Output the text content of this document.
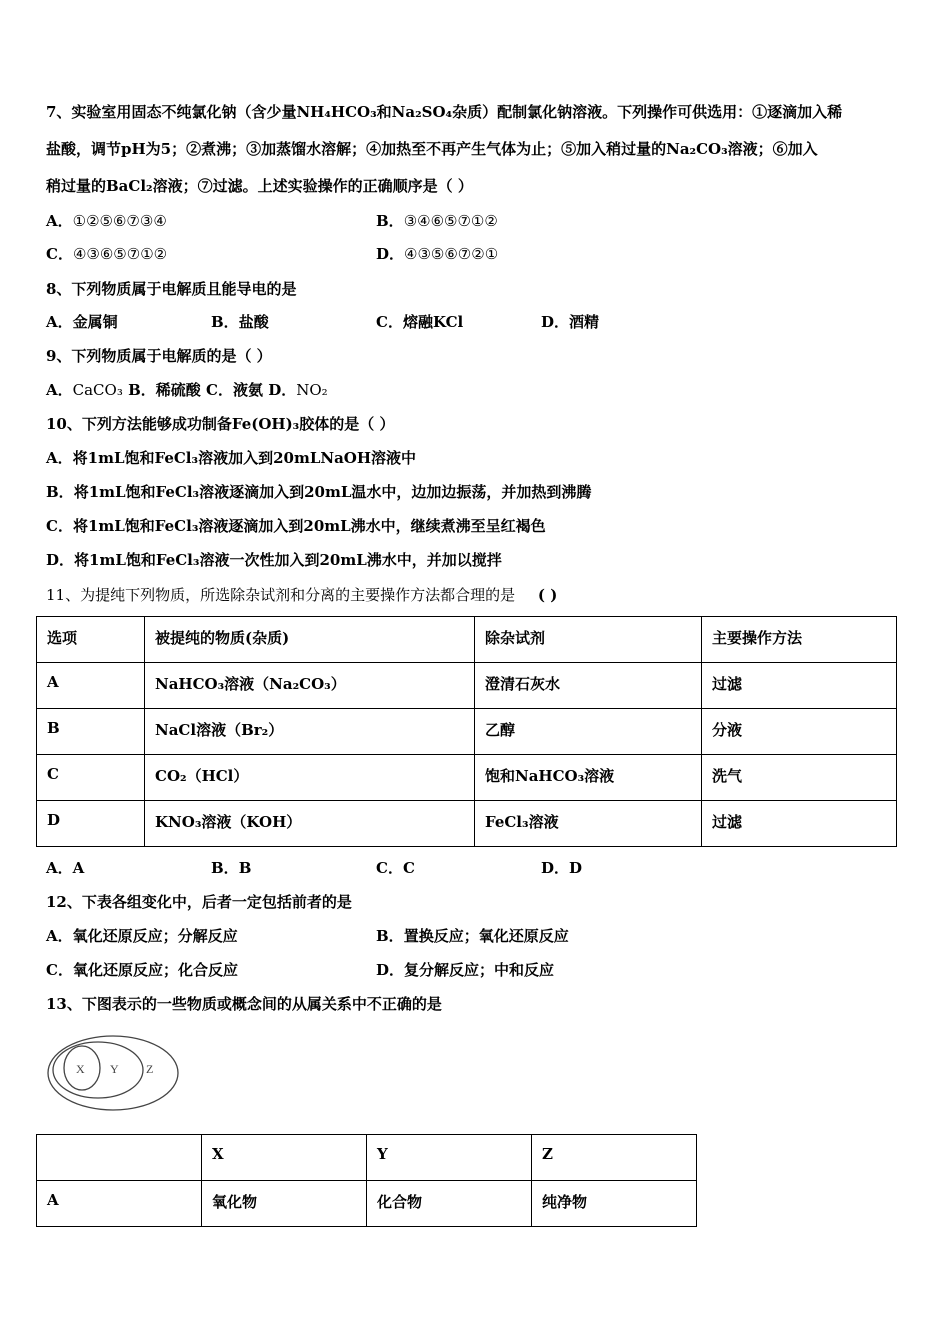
7、实验室用固态不纯氯化钠（含少量NH₄HCO₃和Na₂SO₄杂质）配制氯化钠溶液。下列操作可供选用：①逐滴加入稀
盐酸，调节pH为5；②煮沸；③加蒸馏水溶解；④加热至不再产生气体为止；⑤加入稍过量的Na₂CO₃溶液；⑥加入
稍过量的BaCl₂溶液；⑦过滤。上述实验操作的正确顺序是（ ）
A．①②⑤⑥⑦③④	B．③④⑥⑤⑦①②
C．④③⑥⑤⑦①②	D．④③⑤⑥⑦②①
8、下列物质属于电解质且能导电的是
A．金属铜	B．盐酸	C．熔融KCl	D．酒精
9、下列物质属于电解质的是（ ）
A．CaCO₃ B．稀硫酸 C．液氨 D．NO₂
10、下列方法能够成功制备Fe(OH)₃胶体的是（ ）
A．将1mL饱和FeCl₃溶液加入到20mLNaOH溶液中
B．将1mL饱和FeCl₃溶液逐滴加入到20mL温水中，边加边振荡，并加热到沸腾
C．将1mL饱和FeCl₃溶液逐滴加入到20mL沸水中，继续煮沸至呈红褐色
D．将1mL饱和FeCl₃溶液一次性加入到20mL沸水中，并加以搅拌
11、为提纯下列物质，所选除杂试剂和分离的主要操作方法都合理的是 ( )
选项	被提纯的物质(杂质)	除杂试剂	主要操作方法
A	NaHCO₃溶液（Na₂CO₃）	澄清石灰水	过滤
B	NaCl溶液（Br₂）	乙醇	分液
C	CO₂（HCl）	饱和NaHCO₃溶液	洗气
D	KNO₃溶液（KOH）	FeCl₃溶液	过滤
A．A	B．B	C．C	D．D
12、下表各组变化中，后者一定包括前者的是
A．氧化还原反应；分解反应	B．置换反应；氧化还原反应
C．氧化还原反应；化合反应	D．复分解反应；中和反应
13、下图表示的一些物质或概念间的从属关系中不正确的是
X Y Z
	X	Y	Z
A	氧化物	化合物	纯净物
